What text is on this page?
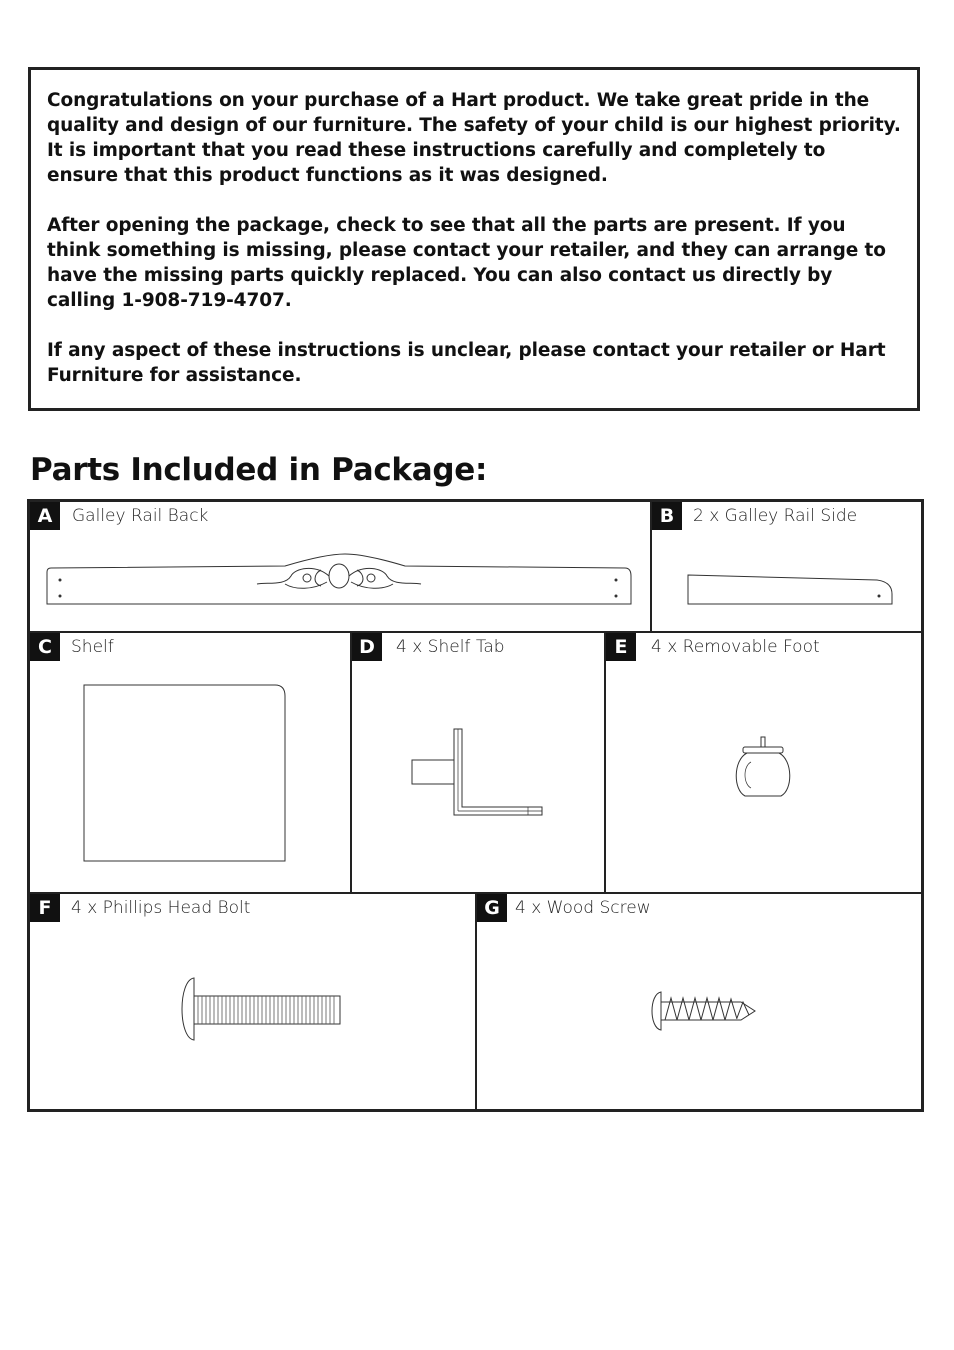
Congratulations on your purchase of a Hart product. We take great pride in the quality and design of our furniture. The safety of your child is our highest priority. It is important that you read these instructions carefully and completely to ensure that this product functions as it was designed.

After opening the package, check to see that all the parts are present. If you think something is missing, please contact your retailer, and they can arrange to have the missing parts quickly replaced. You can also contact us directly by calling 1-908-719-4707.

If any aspect of these instructions is unclear, please contact your retailer or Hart Furniture for assistance.

Parts Included in Package:
A	Galley Rail Back	B	2 x Galley Rail Side
C	Shelf	D	4 x Shelf Tab	E	4 x Removable Foot
F	4 x Phillips Head Bolt	G 4 x Wood Screw
